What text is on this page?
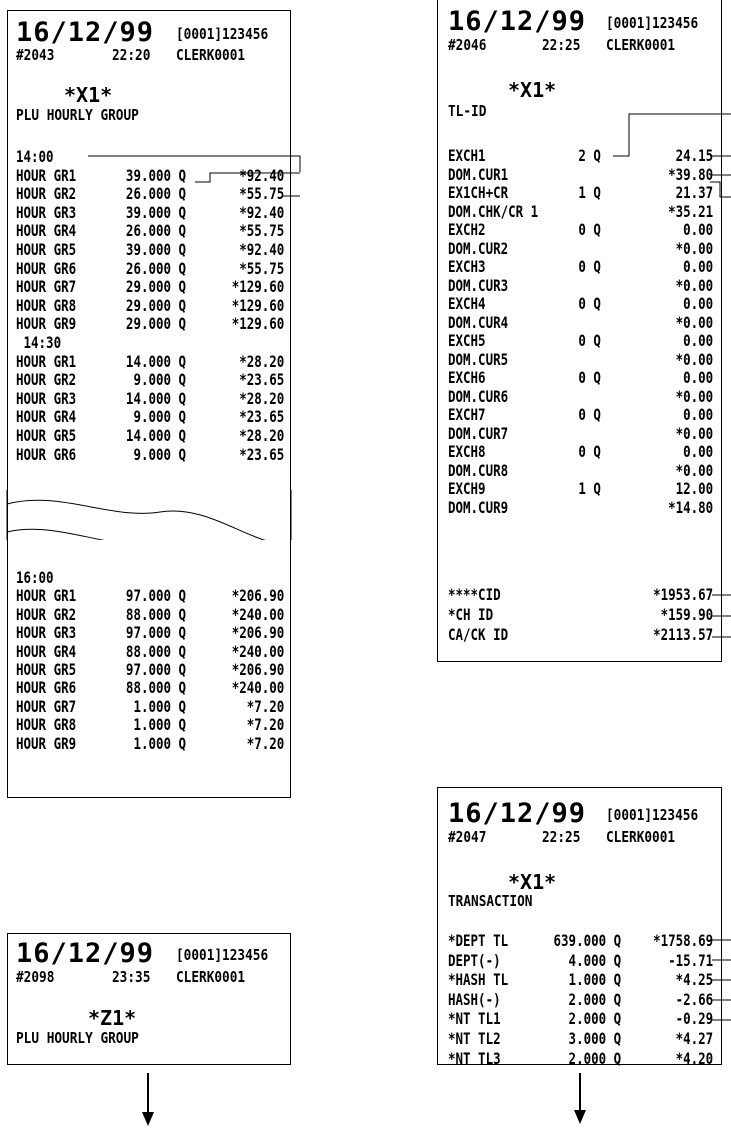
16/12/99 [0001]123456
#2043	22:20 CLERK0001
*X1*
PLU HOURLY GROUP
14:00
HOUR GR1	39.000 Q	*92.40
HOUR GR2	26.000 Q	*55.75
HOUR GR3	39.000 Q	*92.40
HOUR GR4	26.000 Q	*55.75
HOUR GR5	39.000 Q	*92.40
HOUR GR6	26.000 Q	*55.75
HOUR GR7	29.000 Q	*129.60
HOUR GR8	29.000 Q	*129.60
HOUR GR9	29.000 Q	*129.60
14:30
HOUR GR1	14.000 Q	*28.20
HOUR GR2	9.000 Q	*23.65
HOUR GR3	14.000 Q	*28.20
HOUR GR4	9.000 Q	*23.65
HOUR GR5	14.000 Q	*28.20
HOUR GR6	9.000 Q	*23.65
16:00
HOUR GR1	97.000 Q	*206.90
HOUR GR2	88.000 Q	*240.00
HOUR GR3	97.000 Q	*206.90
HOUR GR4	88.000 Q	*240.00
HOUR GR5	97.000 Q	*206.90
HOUR GR6	88.000 Q	*240.00
HOUR GR7	1.000 Q	*7.20
HOUR GR8	1.000 Q	*7.20
HOUR GR9	1.000 Q	*7.20
16/12/99 [0001]123456
#2098	23:35 CLERK0001
*Z1*
PLU HOURLY GROUP
16/12/99 [0001]123456
#2046	22:25 CLERK0001
*X1*
TL-ID
EXCH1	2 Q	24.15
DOM.CUR1	*39.80
EX1CH+CR	1 Q	21.37
DOM.CHK/CR 1	*35.21
EXCH2	0 Q	0.00
DOM.CUR2	*0.00
EXCH3	0 Q	0.00
DOM.CUR3	*0.00
EXCH4	0 Q	0.00
DOM.CUR4	*0.00
EXCH5	0 Q	0.00
DOM.CUR5	*0.00
EXCH6	0 Q	0.00
DOM.CUR6	*0.00
EXCH7	0 Q	0.00
DOM.CUR7	*0.00
EXCH8	0 Q	0.00
DOM.CUR8	*0.00
EXCH9	1 Q	12.00
DOM.CUR9	*14.80
****CID	*1953.67
*CH ID	*159.90
CA/CK ID	*2113.57
16/12/99 [0001]123456
#2047	22:25 CLERK0001
*X1*
TRANSACTION
*DEPT TL	639.000 Q *1758.69
DEPT(-)	4.000 Q	-15.71
*HASH TL	1.000 Q	*4.25
HASH(-)	2.000 Q	-2.66
*NT TL1	2.000 Q	-0.29
*NT TL2	3.000 Q	*4.27
*NT TL3	2.000 Q	*4.20
